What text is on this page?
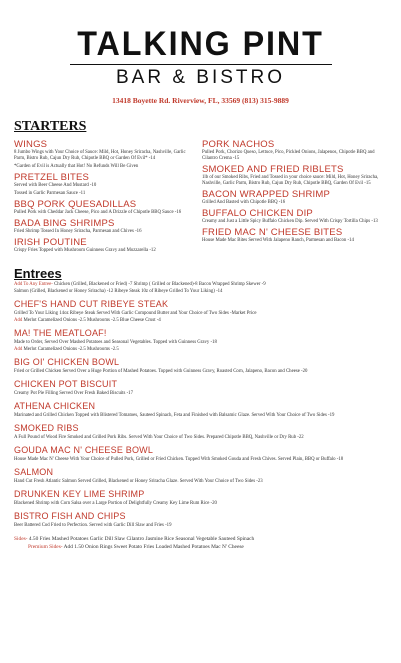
TALKING PINT
BAR & BISTRO
13418 Boyette Rd. Riverview, FL, 33569 (813) 315-9889
STARTERS
WINGS
8 Jumbo Wings with Your Choice of Sauce: Mild, Hot, Honey Sriracha, Nashville, Garlic Parm, Bistro Rub, Cajun Dry Rub, Chipotle BBQ or Garden Of Evil* -14
*Garden of Evil is Actually that Hot! No Refunds Will Be Given
PRETZEL BITES
Served with Beer Cheese And Mustard -10
Tossed in Garlic Parmesan Sauce -11
BBQ PORK QUESADILLAS
Pulled Pork with Cheddar Jack Cheese, Pico and A Drizzle of Chipotle BBQ Sauce -16
BADA BING SHRIMPS
Fried Shrimp Tossed In Honey Sriracha, Parmesan and Chives -16
IRISH POUTINE
Crispy Fries Topped with Mushroom Guinness Gravy and Mozzarella -12
PORK NACHOS
Pulled Pork, Chorizo Queso, Lettuce, Pico, Pickled Onions, Jalapenos, Chipotle BBQ and Cilantro Crema -15
SMOKED AND FRIED RIBLETS
1lb of our Smoked Ribs, Fried and Tossed in your choice sauce: Mild, Hot, Honey Sriracha, Nashville, Garlic Parm, Bistro Rub, Cajun Dry Rub, Chipotle BBQ, Garden Of Evil -15
BACON WRAPPED SHRIMP
Grilled And Basted with Chipotle BBQ -16
BUFFALO CHICKEN DIP
Creamy and Just a Little Spicy Buffalo Chicken Dip. Served With Crispy Tortilla Chips -13
FRIED MAC N' CHEESE BITES
House Made Mac Bites Served With Jalapeno Ranch, Parmesan and Bacon -14
Entrees
Add To Any Entree- Chicken (Grilled, Blackened or Fried) -7 Shrimp ( Grilled or Blackened)-8 Bacon Wrapped Shrimp Skewer -9
Salmon (Grilled, Blackened or Honey Sriracha) -12 Ribeye Steak 10z of Ribeye Grilled To Your Liking) -14
CHEF'S HAND CUT RIBEYE STEAK
Grilled To Your Liking 14oz Ribeye Steak Served With Garlic Compound Butter and Your Choice of Two Sides -Market Price
Add Merlot Caramelized Onions -2.5 Mushrooms -2.5 Blue Cheese Crust -4
MA! THE MEATLOAF!
Made to Order, Served Over Mashed Potatoes and Seasonal Vegetables. Topped with Guinness Gravy -18
Add Merlot Caramelized Onions -2.5 Mushrooms -2.5
BIG OI' CHICKEN BOWL
Fried or Grilled Chicken Served Over a Huge Portion of Mashed Potatoes. Topped with Guinness Gravy, Roasted Corn, Jalapeno, Bacon and Cheese -20
CHICKEN POT BISCUIT
Creamy Pot Pie Filling Served Over Fresh Baked Biscuits -17
ATHENA CHICKEN
Marinated and Grilled Chicken Topped with Blistered Tomatoes, Sauteed Spinach, Feta and Finished with Balsamic Glaze. Served With Your Choice of Two Sides -19
SMOKED RIBS
A Full Pound of Wood Fire Smoked and Grilled Pork Ribs. Served With Your Choice of Two Sides. Prepared Chipotle BBQ, Nashville or Dry Rub -22
GOUDA MAC N' CHEESE BOWL
House Made Mac N' Cheese With Your Choice of Pulled Pork, Grilled or Fried Chicken. Topped With Smoked Gouda and Fresh Chives. Served Plain, BBQ or Buffalo -18
SALMON
Hand Cut Fresh Atlantic Salmon Served Grilled, Blackened or Honey Sriracha Glaze. Served With Your Choice of Two Sides -23
DRUNKEN KEY LIME SHRIMP
Blackened Shrimp with Corn Salsa over a Large Portion of Delightfully Creamy Key Lime Rum Rice -20
BISTRO FISH AND CHIPS
Beer Battered Cod Fried to Perfection. Served with Garlic Dill Slaw and Fries -19
Sides- 4.50 Fries Mashed Potatoes Garlic Dill Slaw Cilantro Jasmine Rice Seasonal Vegetable Sauteed Spinach
Premium Sides- Add 1.50 Onion Rings Sweet Potato Fries Loaded Mashed Potatoes Mac N' Cheese
